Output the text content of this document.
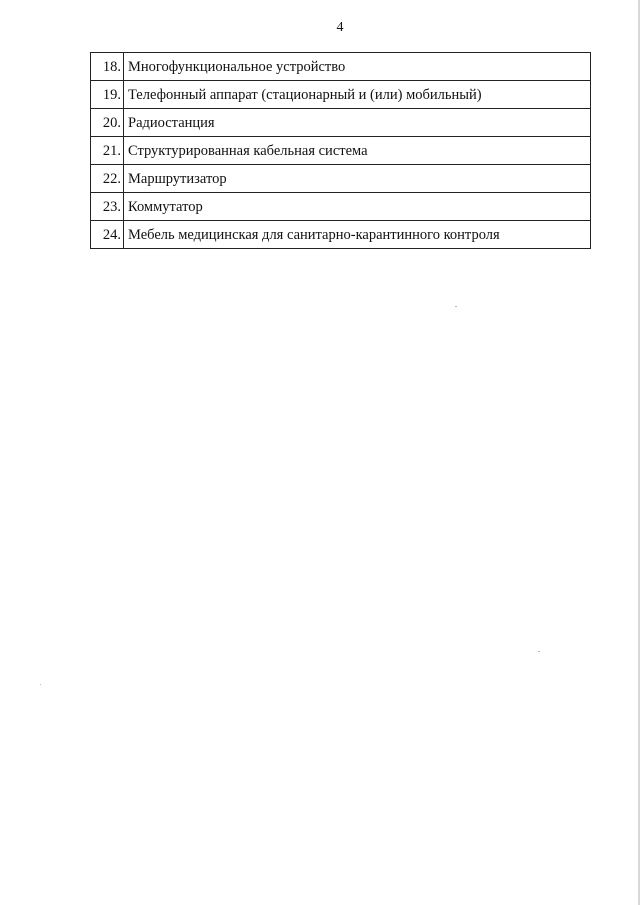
4
18.	Многофункциональное устройство
19.	Телефонный аппарат (стационарный и (или) мобильный)
20.	Радиостанция
21.	Структурированная кабельная система
22.	Маршрутизатор
23.	Коммутатор
24.	Мебель медицинская для санитарно-карантинного контроля
